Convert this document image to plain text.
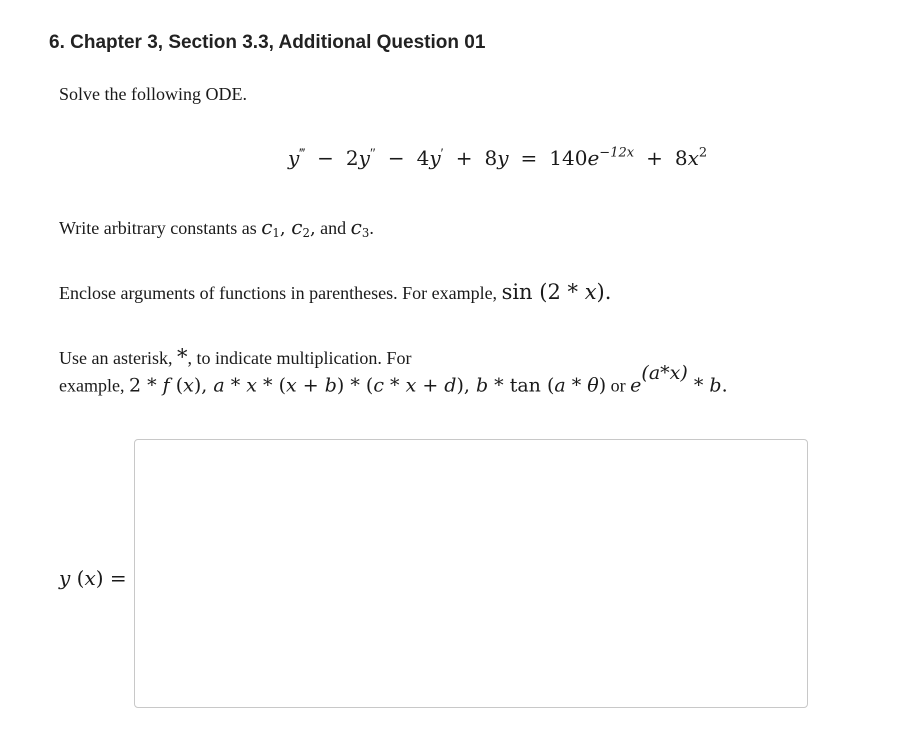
6. Chapter 3, Section 3.3, Additional Question 01
Solve the following ODE.
$y^‴ - 2y'' - 4y' + 8y = 140e^{-12x} + 8x^2$
Write arbitrary constants as $c_1$, $c_2$, and $c_3$.
Enclose arguments of functions in parentheses. For example, sin (2 * x).
Use an asterisk, *, to indicate multiplication. For
example, 2 * f (x), a * x * (x + b) * (c * x + d), b * tan (a * θ) or $e^{(a*x)}$ * b.
y (x) =
